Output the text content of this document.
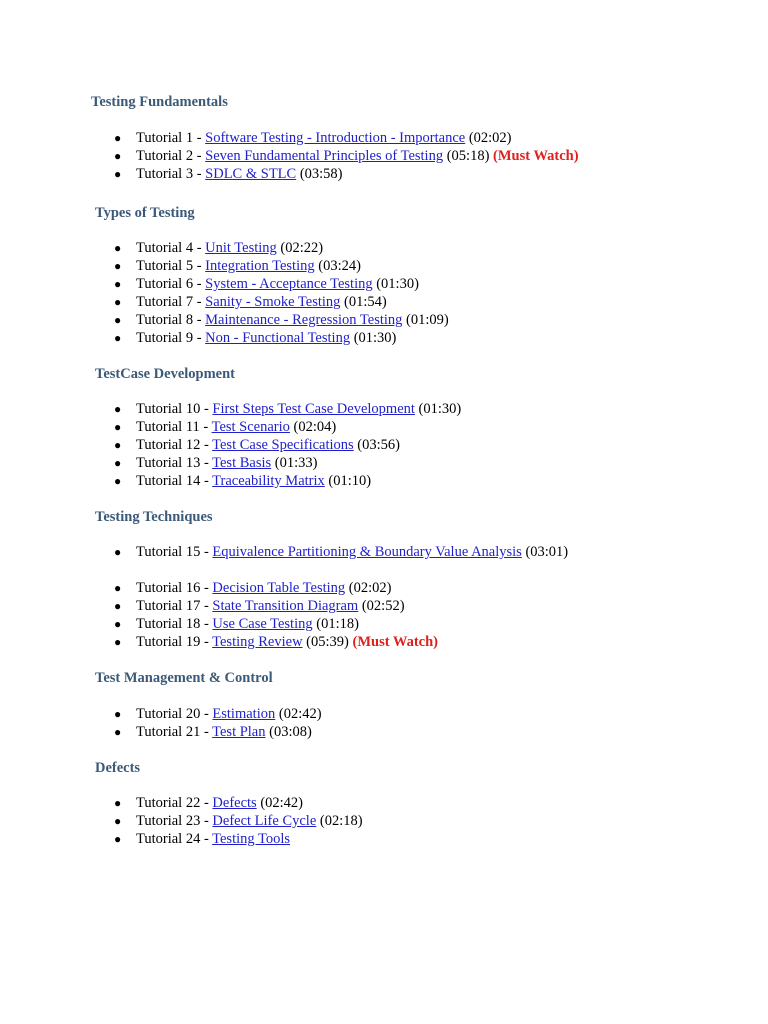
Testing Fundamentals
● Tutorial 1 - Software Testing - Introduction - Importance (02:02)
● Tutorial 2 - Seven Fundamental Principles of Testing (05:18) (Must Watch)
● Tutorial 3 - SDLC & STLC (03:58)
Types of Testing
● Tutorial 4 - Unit Testing (02:22)
● Tutorial 5 - Integration Testing (03:24)
● Tutorial 6 - System - Acceptance Testing (01:30)
● Tutorial 7 - Sanity - Smoke Testing (01:54)
● Tutorial 8 - Maintenance - Regression Testing (01:09)
● Tutorial 9 - Non - Functional Testing (01:30)
TestCase Development
● Tutorial 10 - First Steps Test Case Development (01:30)
● Tutorial 11 - Test Scenario (02:04)
● Tutorial 12 - Test Case Specifications (03:56)
● Tutorial 13 - Test Basis (01:33)
● Tutorial 14 - Traceability Matrix (01:10)
Testing Techniques
● Tutorial 15 - Equivalence Partitioning & Boundary Value Analysis (03:01)
● Tutorial 16 - Decision Table Testing (02:02)
● Tutorial 17 - State Transition Diagram (02:52)
● Tutorial 18 - Use Case Testing (01:18)
● Tutorial 19 - Testing Review (05:39) (Must Watch)
Test Management & Control
● Tutorial 20 - Estimation (02:42)
● Tutorial 21 - Test Plan (03:08)
Defects
● Tutorial 22 - Defects (02:42)
● Tutorial 23 - Defect Life Cycle (02:18)
● Tutorial 24 - Testing Tools
